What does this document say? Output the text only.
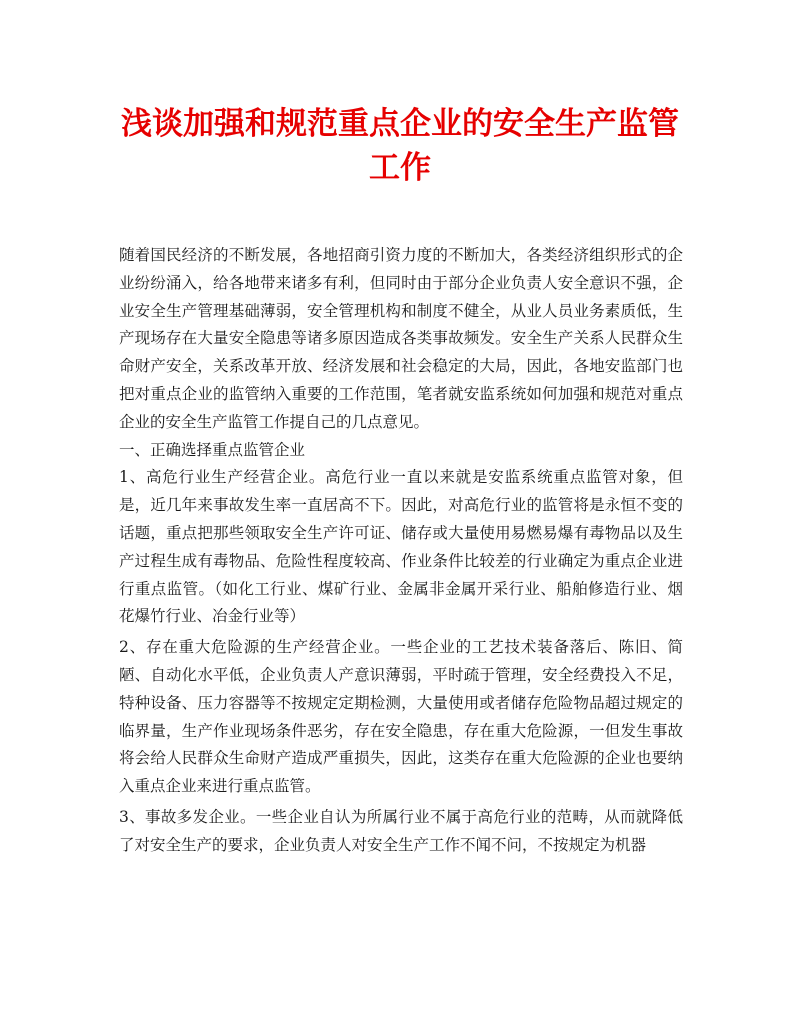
浅谈加强和规范重点企业的安全生产监管工作

随着国民经济的不断发展，各地招商引资力度的不断加大，各类经济组织形式的企业纷纷涌入，给各地带来诸多有利，但同时由于部分企业负责人安全意识不强，企业安全生产管理基础薄弱，安全管理机构和制度不健全，从业人员业务素质低，生产现场存在大量安全隐患等诸多原因造成各类事故频发。安全生产关系人民群众生命财产安全，关系改革开放、经济发展和社会稳定的大局，因此，各地安监部门也把对重点企业的监管纳入重要的工作范围，笔者就安监系统如何加强和规范对重点企业的安全生产监管工作提自己的几点意见。

一、正确选择重点监管企业

1、高危行业生产经营企业。高危行业一直以来就是安监系统重点监管对象，但是，近几年来事故发生率一直居高不下。因此，对高危行业的监管将是永恒不变的话题，重点把那些领取安全生产许可证、储存或大量使用易燃易爆有毒物品以及生产过程生成有毒物品、危险性程度较高、作业条件比较差的行业确定为重点企业进行重点监管。（如化工行业、煤矿行业、金属非金属开采行业、船舶修造行业、烟花爆竹行业、冶金行业等）

2、存在重大危险源的生产经营企业。一些企业的工艺技术装备落后、陈旧、简陋、自动化水平低，企业负责人产意识薄弱，平时疏于管理，安全经费投入不足，特种设备、压力容器等不按规定定期检测，大量使用或者储存危险物品超过规定的临界量，生产作业现场条件恶劣，存在安全隐患，存在重大危险源，一但发生事故将会给人民群众生命财产造成严重损失，因此，这类存在重大危险源的企业也要纳入重点企业来进行重点监管。

3、事故多发企业。一些企业自认为所属行业不属于高危行业的范畴，从而就降低了对安全生产的要求，企业负责人对安全生产工作不闻不问，不按规定为机器
